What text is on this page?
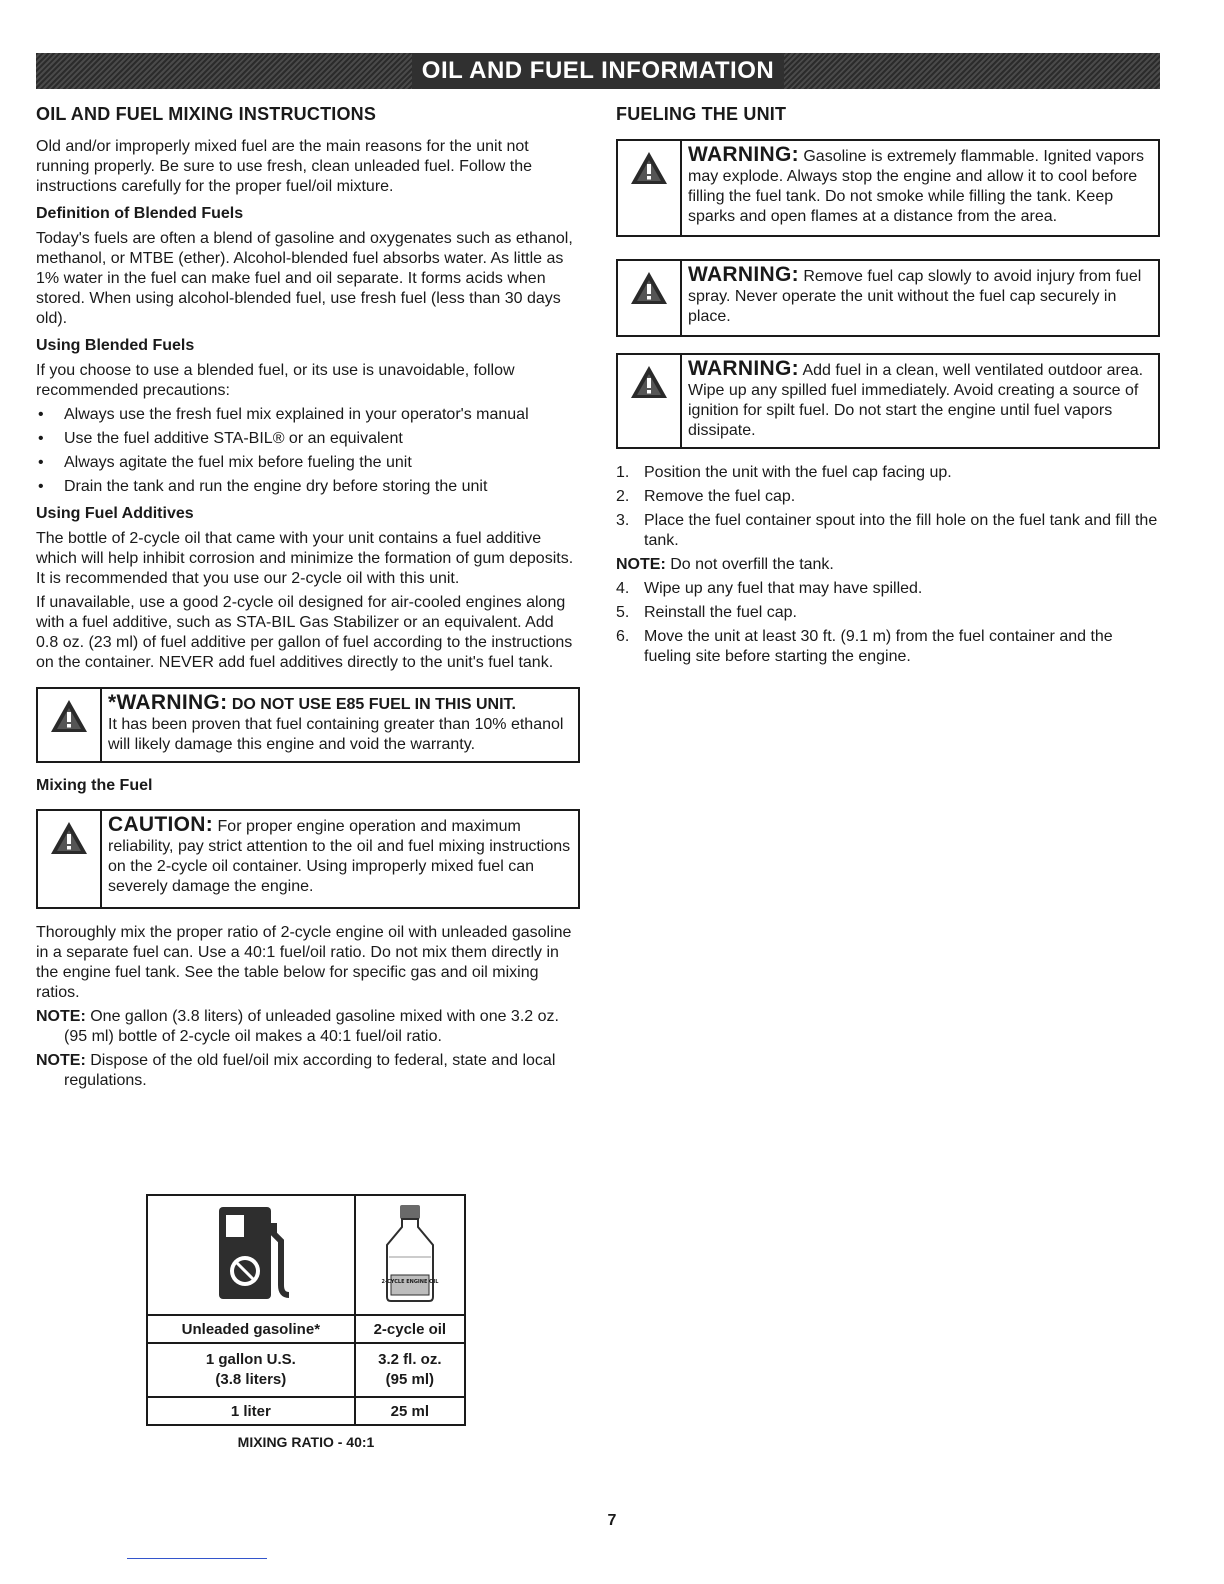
OIL AND FUEL INFORMATION
OIL AND FUEL MIXING INSTRUCTIONS

Old and/or improperly mixed fuel are the main reasons for the unit not running properly. Be sure to use fresh, clean unleaded fuel. Follow the instructions carefully for the proper fuel/oil mixture.

Definition of Blended Fuels

Today's fuels are often a blend of gasoline and oxygenates such as ethanol, methanol, or MTBE (ether). Alcohol-blended fuel absorbs water. As little as 1% water in the fuel can make fuel and oil separate. It forms acids when stored. When using alcohol-blended fuel, use fresh fuel (less than 30 days old).

Using Blended Fuels

If you choose to use a blended fuel, or its use is unavoidable, follow recommended precautions:

• Always use the fresh fuel mix explained in your operator's manual
• Use the fuel additive STA-BIL® or an equivalent
• Always agitate the fuel mix before fueling the unit
• Drain the tank and run the engine dry before storing the unit
Using Fuel Additives

The bottle of 2-cycle oil that came with your unit contains a fuel additive which will help inhibit corrosion and minimize the formation of gum deposits. It is recommended that you use our 2-cycle oil with this unit.

If unavailable, use a good 2-cycle oil designed for air-cooled engines along with a fuel additive, such as STA-BIL Gas Stabilizer or an equivalent. Add 0.8 oz. (23 ml) of fuel additive per gallon of fuel according to the instructions on the container. NEVER add fuel additives directly to the unit's fuel tank.

*WARNING: DO NOT USE E85 FUEL IN THIS UNIT.
It has been proven that fuel containing greater than 10% ethanol will likely damage this engine and void the warranty.
Mixing the Fuel
CAUTION: For proper engine operation and maximum reliability, pay strict attention to the oil and fuel mixing instructions on the 2-cycle oil container. Using improperly mixed fuel can severely damage the engine.

Thoroughly mix the proper ratio of 2-cycle engine oil with unleaded gasoline in a separate fuel can. Use a 40:1 fuel/oil ratio. Do not mix them directly in the engine fuel tank. See the table below for specific gas and oil mixing ratios.

NOTE: One gallon (3.8 liters) of unleaded gasoline mixed with one 3.2 oz. (95 ml) bottle of 2-cycle oil makes a 40:1 fuel/oil ratio.

NOTE: Dispose of the old fuel/oil mix according to federal, state and local regulations.

2-CYCLE ENGINE OIL

Unleaded gasoline*	2-cycle oil
1 gallon U.S.
(3.8 liters)	3.2 fl. oz.
(95 ml)
1 liter	25 ml
MIXING RATIO - 40:1
FUELING THE UNIT
WARNING: Gasoline is extremely flammable. Ignited vapors may explode. Always stop the engine and allow it to cool before filling the fuel tank. Do not smoke while filling the tank. Keep sparks and open flames at a distance from the area.
WARNING: Remove fuel cap slowly to avoid injury from fuel spray. Never operate the unit without the fuel cap securely in place.
WARNING: Add fuel in a clean, well ventilated outdoor area. Wipe up any spilled fuel immediately. Avoid creating a source of ignition for spilt fuel. Do not start the engine until fuel vapors dissipate.
1. Position the unit with the fuel cap facing up.
2. Remove the fuel cap.
3. Place the fuel container spout into the fill hole on the fuel tank and fill the tank.

NOTE: Do not overfill the tank.

4. Wipe up any fuel that may have spilled.
5. Reinstall the fuel cap.
6. Move the unit at least 30 ft. (9.1 m) from the fuel container and the fueling site before starting the engine.
7
